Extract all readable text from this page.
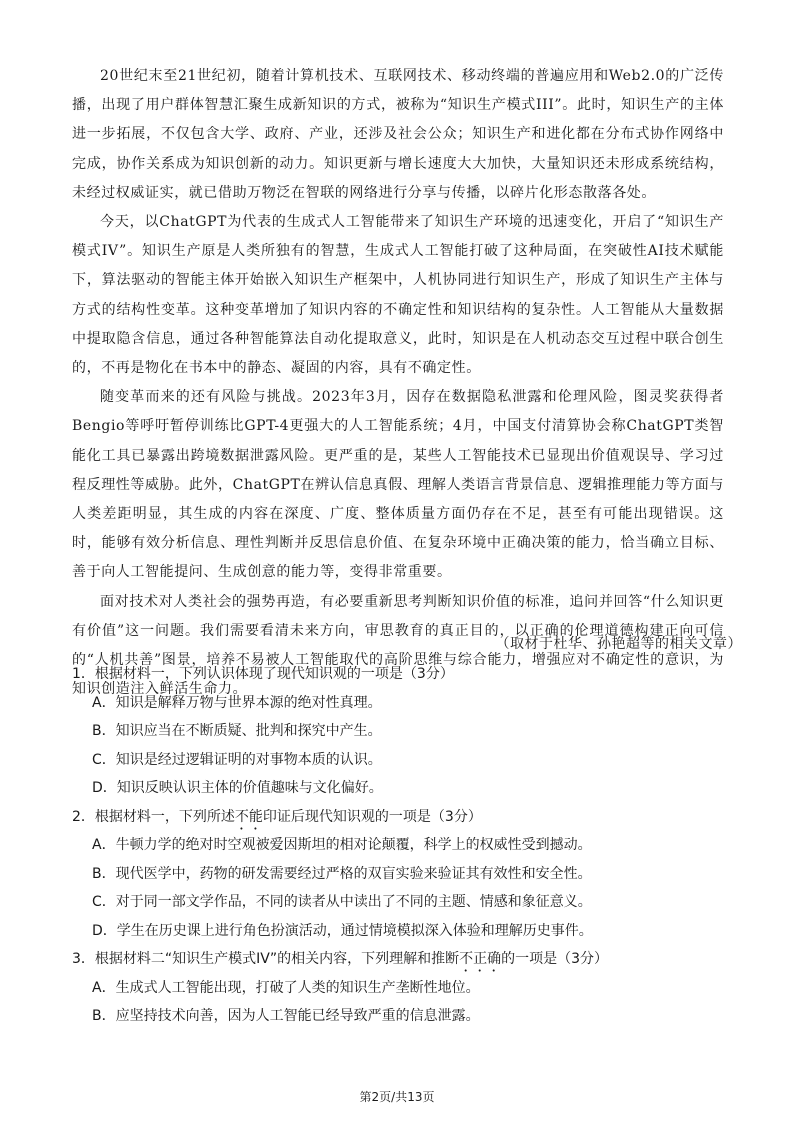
20世纪末至21世纪初，随着计算机技术、互联网技术、移动终端的普遍应用和Web2.0的广泛传播，出现了用户群体智慧汇聚生成新知识的方式，被称为“知识生产模式III”。此时，知识生产的主体进一步拓展，不仅包含大学、政府、产业，还涉及社会公众；知识生产和进化都在分布式协作网络中完成，协作关系成为知识创新的动力。知识更新与增长速度大大加快，大量知识还未形成系统结构，未经过权威证实，就已借助万物泛在智联的网络进行分享与传播，以碎片化形态散落各处。

今天，以ChatGPT为代表的生成式人工智能带来了知识生产环境的迅速变化，开启了“知识生产模式IV”。知识生产原是人类所独有的智慧，生成式人工智能打破了这种局面，在突破性AI技术赋能下，算法驱动的智能主体开始嵌入知识生产框架中，人机协同进行知识生产，形成了知识生产主体与方式的结构性变革。这种变革增加了知识内容的不确定性和知识结构的复杂性。人工智能从大量数据中提取隐含信息，通过各种智能算法自动化提取意义，此时，知识是在人机动态交互过程中联合创生的，不再是物化在书本中的静态、凝固的内容，具有不确定性。

随变革而来的还有风险与挑战。2023年3月，因存在数据隐私泄露和伦理风险，图灵奖获得者Bengio等呼吁暂停训练比GPT-4更强大的人工智能系统；4月，中国支付清算协会称ChatGPT类智能化工具已暴露出跨境数据泄露风险。更严重的是，某些人工智能技术已显现出价值观误导、学习过程反理性等威胁。此外，ChatGPT在辨认信息真假、理解人类语言背景信息、逻辑推理能力等方面与人类差距明显，其生成的内容在深度、广度、整体质量方面仍存在不足，甚至有可能出现错误。这时，能够有效分析信息、理性判断并反思信息价值、在复杂环境中正确决策的能力，恰当确立目标、善于向人工智能提问、生成创意的能力等，变得非常重要。

面对技术对人类社会的强势再造，有必要重新思考判断知识价值的标准，追问并回答“什么知识更有价值”这一问题。我们需要看清未来方向，审思教育的真正目的，以正确的伦理道德构建正向可信的“人机共善”图景，培养不易被人工智能取代的高阶思维与综合能力，增强应对不确定性的意识，为知识创造注入鲜活生命力。

（取材于杜华、孙艳超等的相关文章）
1．根据材料一，下列认识体现了现代知识观的一项是（3分）
A．知识是解释万物与世界本源的绝对性真理。
B．知识应当在不断质疑、批判和探究中产生。
C．知识是经过逻辑证明的对事物本质的认识。
D．知识反映认识主体的价值趣味与文化偏好。
2．根据材料一，下列所述不能印证后现代知识观的一项是（3分）
A．牛顿力学的绝对时空观被爱因斯坦的相对论颠覆，科学上的权威性受到撼动。
B．现代医学中，药物的研发需要经过严格的双盲实验来验证其有效性和安全性。
C．对于同一部文学作品，不同的读者从中读出了不同的主题、情感和象征意义。
D．学生在历史课上进行角色扮演活动，通过情境模拟深入体验和理解历史事件。
3．根据材料二“知识生产模式IV”的相关内容，下列理解和推断不正确的一项是（3分）
A．生成式人工智能出现，打破了人类的知识生产垄断性地位。
B．应坚持技术向善，因为人工智能已经导致严重的信息泄露。
第2页/共13页
